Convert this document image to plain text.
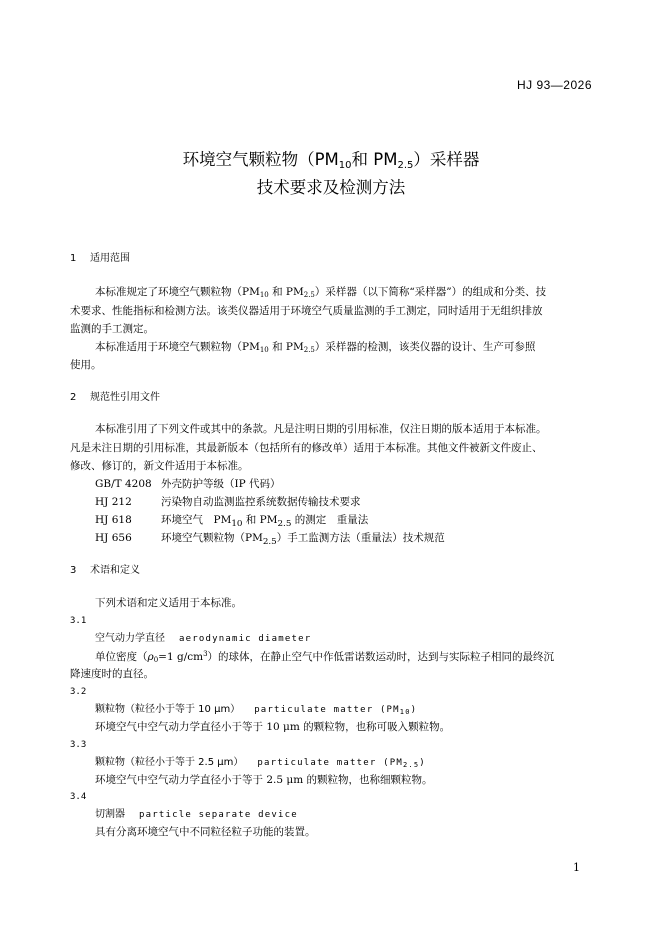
HJ 93—2026
环境空气颗粒物（$PM_{10}$和 $PM_{2.5}$）采样器
技术要求及检测方法
1 适用范围
本标准规定了环境空气颗粒物（$PM_{10}$ 和 $PM_{2.5}$）采样器（以下简称“采样器”）的组成和分类、技
术要求、性能指标和检测方法。该类仪器适用于环境空气质量监测的手工测定，同时适用于无组织排放
监测的手工测定。
本标准适用于环境空气颗粒物（$PM_{10}$ 和 $PM_{2.5}$）采样器的检测，该类仪器的设计、生产可参照
使用。
2 规范性引用文件
本标准引用了下列文件或其中的条款。凡是注明日期的引用标准，仅注日期的版本适用于本标准。
凡是未注日期的引用标准，其最新版本（包括所有的修改单）适用于本标准。其他文件被新文件废止、
修改、修订的，新文件适用于本标准。
GB/T 4208 外壳防护等级（IP 代码）
HJ 212	污染物自动监测监控系统数据传输技术要求
HJ 618	环境空气　$PM_{10}$ 和 $PM_{2.5}$ 的测定　重量法
HJ 656	环境空气颗粒物$(PM_{2.5})$手工监测方法（重量法）技术规范
3 术语和定义
下列术语和定义适用于本标准。
3.1
空气动力学直径 aerodynamic diameter
单位密度（$\rho_0=1$ $g/cm^3$）的球体，在静止空气中作低雷诺数运动时，达到与实际粒子相同的最终沉
降速度时的直径。
3.2
颗粒物（粒径小于等于 10 μm） particulate matter $(PM_{10})$
环境空气中空气动力学直径小于等于 10 μm 的颗粒物，也称可吸入颗粒物。
3.3
颗粒物（粒径小于等于 2.5 μm） particulate matter $(PM_{2.5})$
环境空气中空气动力学直径小于等于 2.5 μm 的颗粒物，也称细颗粒物。
3.4
切割器 particle separate device
具有分离环境空气中不同粒径粒子功能的装置。
1
